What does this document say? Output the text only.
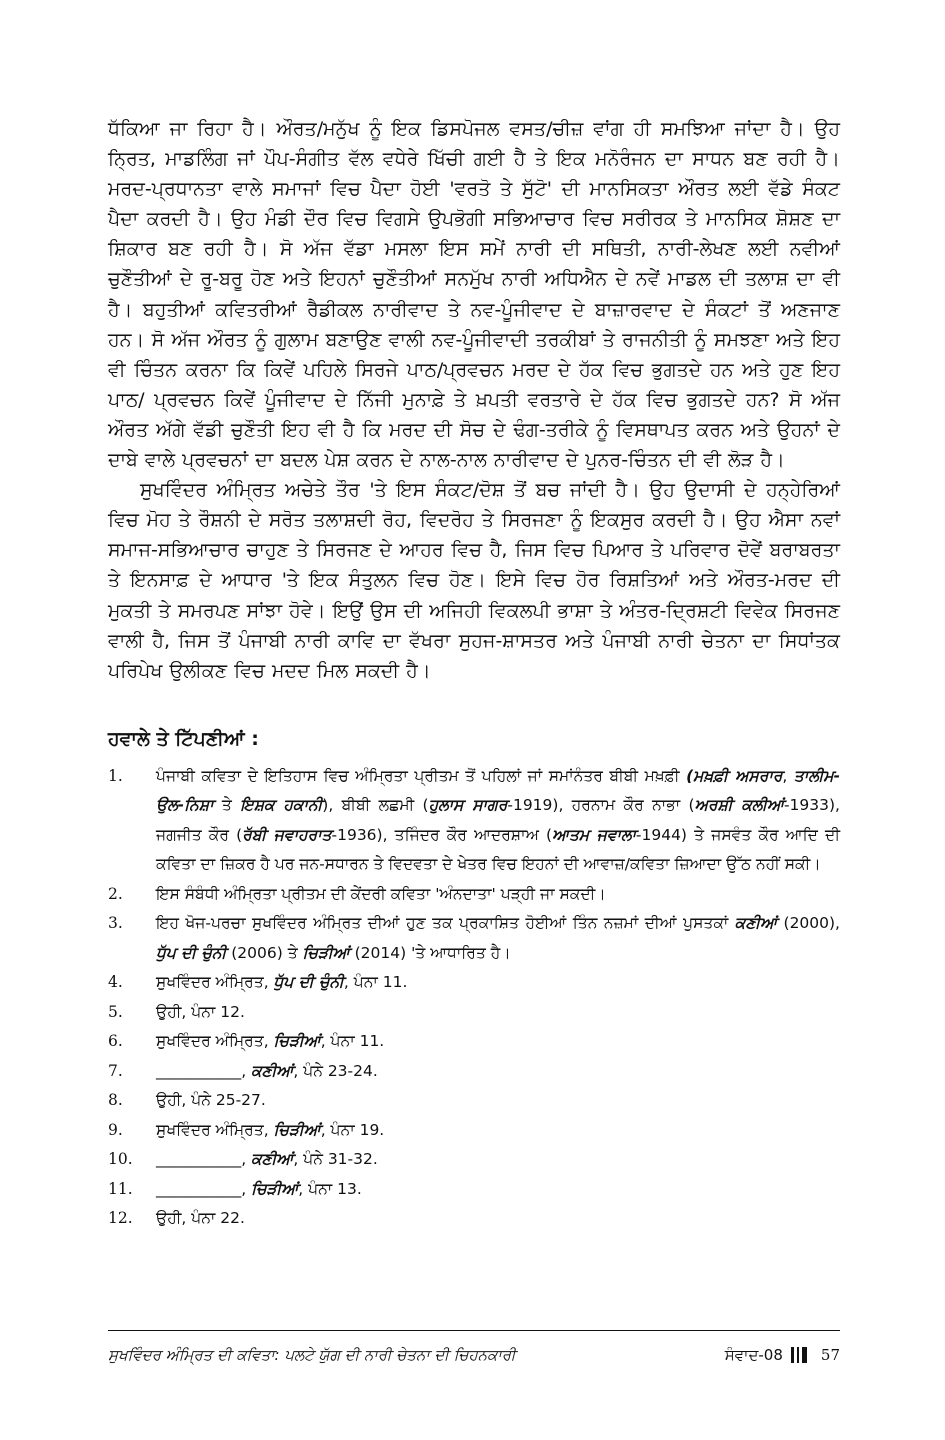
ਧੱਕਿਆ ਜਾ ਰਿਹਾ ਹੈ। ਔਰਤ/ਮਨੁੱਖ ਨੂੰ ਇਕ ਡਿਸਪੋਜਲ ਵਸਤ/ਚੀਜ਼ ਵਾਂਗ ਹੀ ਸਮਝਿਆ ਜਾਂਦਾ ਹੈ। ਉਹ ਨ੍ਰਿਤ, ਮਾਡਲਿੰਗ ਜਾਂ ਪੌਪ-ਸੰਗੀਤ ਵੱਲ ਵਧੇਰੇ ਖਿੱਚੀ ਗਈ ਹੈ ਤੇ ਇਕ ਮਨੋਰੰਜਨ ਦਾ ਸਾਧਨ ਬਣ ਰਹੀ ਹੈ। ਮਰਦ-ਪ੍ਰਧਾਨਤਾ ਵਾਲੇ ਸਮਾਜਾਂ ਵਿਚ ਪੈਦਾ ਹੋਈ 'ਵਰਤੋ ਤੇ ਸੁੱਟੋ' ਦੀ ਮਾਨਸਿਕਤਾ ਔਰਤ ਲਈ ਵੱਡੇ ਸੰਕਟ ਪੈਦਾ ਕਰਦੀ ਹੈ। ਉਹ ਮੰਡੀ ਦੌਰ ਵਿਚ ਵਿਗਸੇ ਉਪਭੋਗੀ ਸਭਿਆਚਾਰ ਵਿਚ ਸਰੀਰਕ ਤੇ ਮਾਨਸਿਕ ਸ਼ੋਸ਼ਣ ਦਾ ਸ਼ਿਕਾਰ ਬਣ ਰਹੀ ਹੈ। ਸੋ ਅੱਜ ਵੱਡਾ ਮਸਲਾ ਇਸ ਸਮੇਂ ਨਾਰੀ ਦੀ ਸਥਿਤੀ, ਨਾਰੀ-ਲੇਖਣ ਲਈ ਨਵੀਆਂ ਚੁਣੌਤੀਆਂ ਦੇ ਰੂ-ਬਰੂ ਹੋਣ ਅਤੇ ਇਹਨਾਂ ਚੁਣੌਤੀਆਂ ਸਨਮੁੱਖ ਨਾਰੀ ਅਧਿਐਨ ਦੇ ਨਵੇਂ ਮਾਡਲ ਦੀ ਤਲਾਸ਼ ਦਾ ਵੀ ਹੈ। ਬਹੁਤੀਆਂ ਕਵਿਤਰੀਆਂ ਰੈਡੀਕਲ ਨਾਰੀਵਾਦ ਤੇ ਨਵ-ਪੂੰਜੀਵਾਦ ਦੇ ਬਾਜ਼ਾਰਵਾਦ ਦੇ ਸੰਕਟਾਂ ਤੋਂ ਅਣਜਾਣ ਹਨ। ਸੋ ਅੱਜ ਔਰਤ ਨੂੰ ਗੁਲਾਮ ਬਣਾਉਣ ਵਾਲੀ ਨਵ-ਪੂੰਜੀਵਾਦੀ ਤਰਕੀਬਾਂ ਤੇ ਰਾਜਨੀਤੀ ਨੂੰ ਸਮਝਣਾ ਅਤੇ ਇਹ ਵੀ ਚਿੰਤਨ ਕਰਨਾ ਕਿ ਕਿਵੇਂ ਪਹਿਲੇ ਸਿਰਜੇ ਪਾਠ/ਪ੍ਰਵਚਨ ਮਰਦ ਦੇ ਹੱਕ ਵਿਚ ਭੁਗਤਦੇ ਹਨ ਅਤੇ ਹੁਣ ਇਹ ਪਾਠ/ ਪ੍ਰਵਚਨ ਕਿਵੇਂ ਪੂੰਜੀਵਾਦ ਦੇ ਨਿੱਜੀ ਮੁਨਾਫ਼ੇ ਤੇ ਖ਼ਪਤੀ ਵਰਤਾਰੇ ਦੇ ਹੱਕ ਵਿਚ ਭੁਗਤਦੇ ਹਨ? ਸੋ ਅੱਜ ਔਰਤ ਅੱਗੇ ਵੱਡੀ ਚੁਣੌਤੀ ਇਹ ਵੀ ਹੈ ਕਿ ਮਰਦ ਦੀ ਸੋਚ ਦੇ ਢੰਗ-ਤਰੀਕੇ ਨੂੰ ਵਿਸਥਾਪਤ ਕਰਨ ਅਤੇ ਉਹਨਾਂ ਦੇ ਦਾਬੇ ਵਾਲੇ ਪ੍ਰਵਚਨਾਂ ਦਾ ਬਦਲ ਪੇਸ਼ ਕਰਨ ਦੇ ਨਾਲ-ਨਾਲ ਨਾਰੀਵਾਦ ਦੇ ਪੁਨਰ-ਚਿੰਤਨ ਦੀ ਵੀ ਲੋੜ ਹੈ।

ਸੁਖਵਿੰਦਰ ਅੰਮ੍ਰਿਤ ਅਚੇਤੇ ਤੌਰ 'ਤੇ ਇਸ ਸੰਕਟ/ਦੋਸ਼ ਤੋਂ ਬਚ ਜਾਂਦੀ ਹੈ। ਉਹ ਉਦਾਸੀ ਦੇ ਹਨ੍ਹੇਰਿਆਂ ਵਿਚ ਮੋਹ ਤੇ ਰੌਸ਼ਨੀ ਦੇ ਸਰੋਤ ਤਲਾਸ਼ਦੀ ਰੋਹ, ਵਿਦਰੋਹ ਤੇ ਸਿਰਜਣਾ ਨੂੰ ਇਕਸੁਰ ਕਰਦੀ ਹੈ। ਉਹ ਐਸਾ ਨਵਾਂ ਸਮਾਜ-ਸਭਿਆਚਾਰ ਚਾਹੁਣ ਤੇ ਸਿਰਜਣ ਦੇ ਆਹਰ ਵਿਚ ਹੈ, ਜਿਸ ਵਿਚ ਪਿਆਰ ਤੇ ਪਰਿਵਾਰ ਦੋਵੇਂ ਬਰਾਬਰਤਾ ਤੇ ਇਨਸਾਫ਼ ਦੇ ਆਧਾਰ 'ਤੇ ਇਕ ਸੰਤੁਲਨ ਵਿਚ ਹੋਣ। ਇਸੇ ਵਿਚ ਹੋਰ ਰਿਸ਼ਤਿਆਂ ਅਤੇ ਔਰਤ-ਮਰਦ ਦੀ ਮੁਕਤੀ ਤੇ ਸਮਰਪਣ ਸਾਂਝਾ ਹੋਵੇ। ਇਉਂ ਉਸ ਦੀ ਅਜਿਹੀ ਵਿਕਲਪੀ ਭਾਸ਼ਾ ਤੇ ਅੰਤਰ-ਦ੍ਰਿਸ਼ਟੀ ਵਿਵੇਕ ਸਿਰਜਣ ਵਾਲੀ ਹੈ, ਜਿਸ ਤੋਂ ਪੰਜਾਬੀ ਨਾਰੀ ਕਾਵਿ ਦਾ ਵੱਖਰਾ ਸੁਹਜ-ਸ਼ਾਸਤਰ ਅਤੇ ਪੰਜਾਬੀ ਨਾਰੀ ਚੇਤਨਾ ਦਾ ਸਿਧਾਂਤਕ ਪਰਿਪੇਖ ਉਲੀਕਣ ਵਿਚ ਮਦਦ ਮਿਲ ਸਕਦੀ ਹੈ।

ਹਵਾਲੇ ਤੇ ਟਿੱਪਣੀਆਂ :
1.	ਪੰਜਾਬੀ ਕਵਿਤਾ ਦੇ ਇਤਿਹਾਸ ਵਿਚ ਅੰਮ੍ਰਿਤਾ ਪ੍ਰੀਤਮ ਤੋਂ ਪਹਿਲਾਂ ਜਾਂ ਸਮਾਂਨੰਤਰ ਬੀਬੀ ਮਖ਼ਫ਼ੀ (ਮਖ਼ਫ਼ੀ ਅਸਰਾਰ, ਤਾਲੀਮ-ਉਲ-ਨਿਸ਼ਾ ਤੇ ਇਸ਼ਕ ਹਕਾਨੀ), ਬੀਬੀ ਲਛਮੀ (ਹੁਲਾਸ ਸਾਗਰ-1919), ਹਰਨਾਮ ਕੌਰ ਨਾਭਾ (ਅਰਸ਼ੀ ਕਲੀਆਂ-1933), ਜਗਜੀਤ ਕੌਰ (ਰੱਬੀ ਜਵਾਹਰਾਤ-1936), ਤਜਿੰਦਰ ਕੌਰ ਆਦਰਸ਼ਾਅ (ਆਤਮ ਜਵਾਲਾ-1944) ਤੇ ਜਸਵੰਤ ਕੌਰ ਆਦਿ ਦੀ ਕਵਿਤਾ ਦਾ ਜ਼ਿਕਰ ਹੈ ਪਰ ਜਨ-ਸਧਾਰਨ ਤੇ ਵਿਦਵਤਾ ਦੇ ਖੇਤਰ ਵਿਚ ਇਹਨਾਂ ਦੀ ਆਵਾਜ਼/ਕਵਿਤਾ ਜ਼ਿਆਦਾ ਉੱਠ ਨਹੀਂ ਸਕੀ।
2.	ਇਸ ਸੰਬੰਧੀ ਅੰਮ੍ਰਿਤਾ ਪ੍ਰੀਤਮ ਦੀ ਕੇਂਦਰੀ ਕਵਿਤਾ 'ਅੰਨਦਾਤਾ' ਪੜ੍ਹੀ ਜਾ ਸਕਦੀ।
3.	ਇਹ ਖੋਜ-ਪਰਚਾ ਸੁਖਵਿੰਦਰ ਅੰਮ੍ਰਿਤ ਦੀਆਂ ਹੁਣ ਤਕ ਪ੍ਰਕਾਸ਼ਿਤ ਹੋਈਆਂ ਤਿੰਨ ਨਜ਼ਮਾਂ ਦੀਆਂ ਪੁਸਤਕਾਂ ਕਣੀਆਂ (2000), ਧੁੱਪ ਦੀ ਚੁੰਨੀ (2006) ਤੇ ਚਿੜੀਆਂ (2014) 'ਤੇ ਆਧਾਰਿਤ ਹੈ।
4.	ਸੁਖਵਿੰਦਰ ਅੰਮ੍ਰਿਤ, ਧੁੱਪ ਦੀ ਚੁੰਨੀ, ਪੰਨਾ 11.
5.	ਉਹੀ, ਪੰਨਾ 12.
6.	ਸੁਖਵਿੰਦਰ ਅੰਮ੍ਰਿਤ, ਚਿੜੀਆਂ, ਪੰਨਾ 11.
7.	___________, ਕਣੀਆਂ, ਪੰਨੇ 23-24.
8.	ਉਹੀ, ਪੰਨੇ 25-27.
9.	ਸੁਖਵਿੰਦਰ ਅੰਮ੍ਰਿਤ, ਚਿੜੀਆਂ, ਪੰਨਾ 19.
10.	___________, ਕਣੀਆਂ, ਪੰਨੇ 31-32.
11.	___________, ਚਿੜੀਆਂ, ਪੰਨਾ 13.
12.	ਉਹੀ, ਪੰਨਾ 22.
ਸੁਖਵਿੰਦਰ ਅੰਮ੍ਰਿਤ ਦੀ ਕਵਿਤਾ: ਪਲਟੇ ਯੁੱਗ ਦੀ ਨਾਰੀ ਚੇਤਨਾ ਦੀ ਚਿਹਨਕਾਰੀ	ਸੰਵਾਦ-08	57
